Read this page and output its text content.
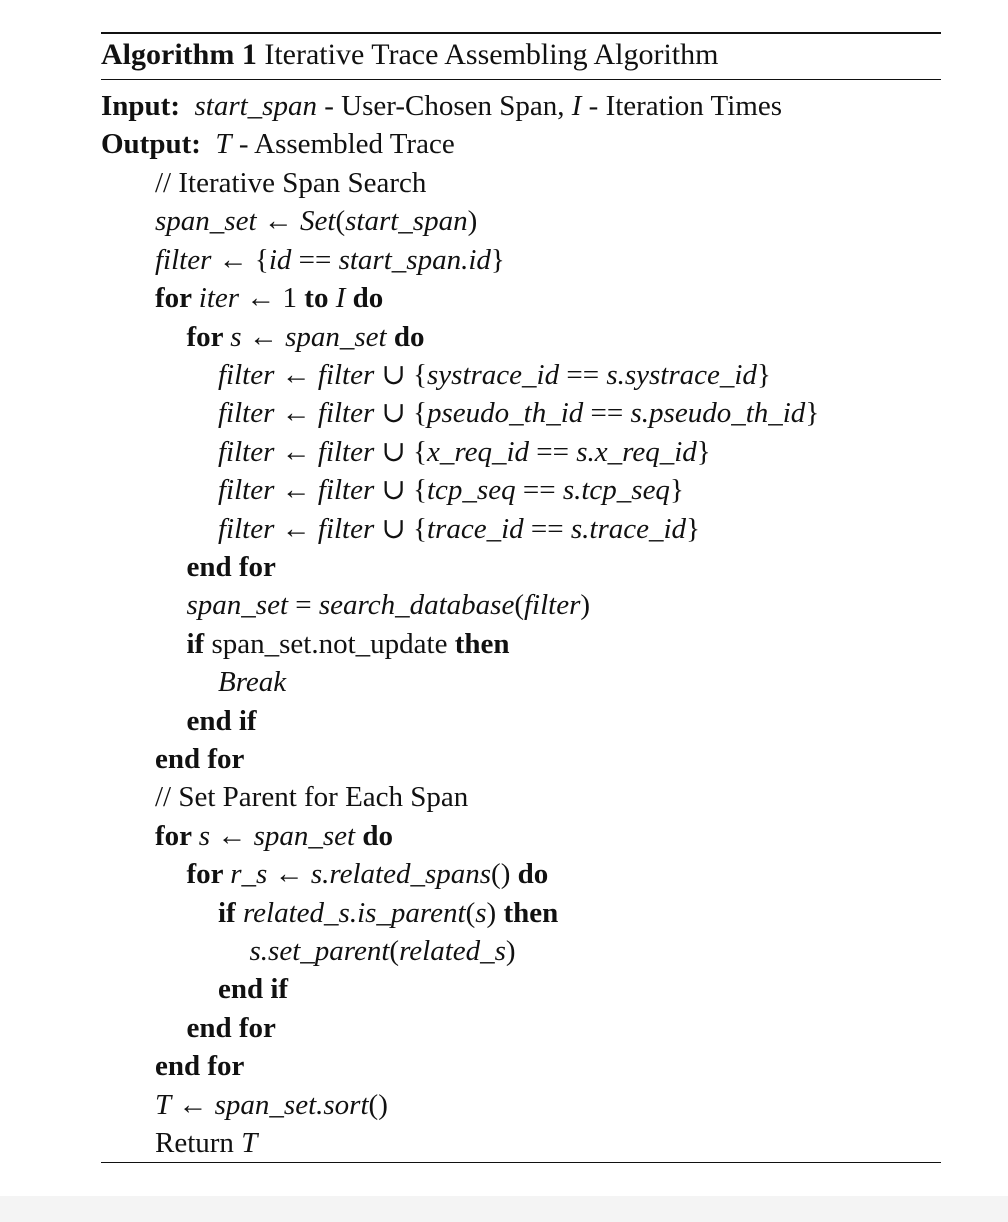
Algorithm 1 Iterative Trace Assembling Algorithm
Input: start_span - User-Chosen Span, I - Iteration Times
Output: T - Assembled Trace
// Iterative Span Search
span_set ← Set(start_span)
filter ← {id == start_span.id}
for iter ← 1 to I do
for s ← span_set do
filter ← filter ∪ {systrace_id == s.systrace_id}
filter ← filter ∪ {pseudo_th_id == s.pseudo_th_id}
filter ← filter ∪ {x_req_id == s.x_req_id}
filter ← filter ∪ {tcp_seq == s.tcp_seq}
filter ← filter ∪ {trace_id == s.trace_id}
end for
span_set = search_database(filter)
if span_set.not_update then
Break
end if
end for
// Set Parent for Each Span
for s ← span_set do
for r_s ← s.related_spans() do
if related_s.is_parent(s) then
s.set_parent(related_s)
end if
end for
end for
T ← span_set.sort()
Return T
